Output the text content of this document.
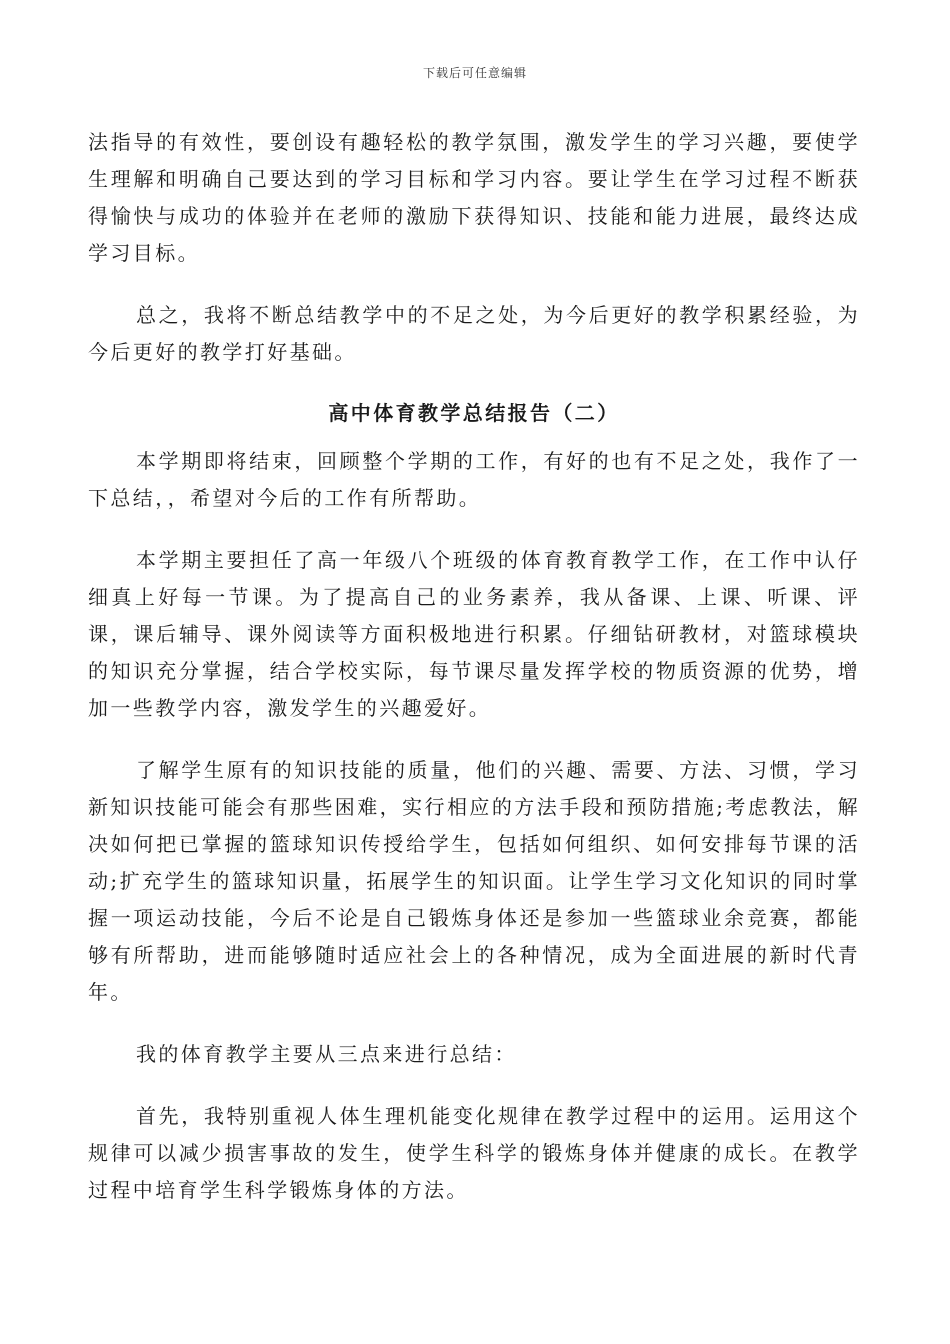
下载后可任意编辑

法指导的有效性，要创设有趣轻松的教学氛围，激发学生的学习兴趣，要使学生理解和明确自己要达到的学习目标和学习内容。要让学生在学习过程不断获得愉快与成功的体验并在老师的激励下获得知识、技能和能力进展，最终达成学习目标。

总之，我将不断总结教学中的不足之处，为今后更好的教学积累经验，为今后更好的教学打好基础。

高中体育教学总结报告（二）

本学期即将结束，回顾整个学期的工作，有好的也有不足之处，我作了一下总结，，希望对今后的工作有所帮助。

本学期主要担任了高一年级八个班级的体育教育教学工作，在工作中认仔细真上好每一节课。为了提高自己的业务素养，我从备课、上课、听课、评课，课后辅导、课外阅读等方面积极地进行积累。仔细钻研教材，对篮球模块的知识充分掌握，结合学校实际，每节课尽量发挥学校的物质资源的优势，增加一些教学内容，激发学生的兴趣爱好。

了解学生原有的知识技能的质量，他们的兴趣、需要、方法、习惯，学习新知识技能可能会有那些困难，实行相应的方法手段和预防措施;考虑教法，解决如何把已掌握的篮球知识传授给学生，包括如何组织、如何安排每节课的活动;扩充学生的篮球知识量，拓展学生的知识面。让学生学习文化知识的同时掌握一项运动技能，今后不论是自己锻炼身体还是参加一些篮球业余竞赛，都能够有所帮助，进而能够随时适应社会上的各种情况，成为全面进展的新时代青年。

我的体育教学主要从三点来进行总结：

首先，我特别重视人体生理机能变化规律在教学过程中的运用。运用这个规律可以减少损害事故的发生，使学生科学的锻炼身体并健康的成长。在教学过程中培育学生科学锻炼身体的方法。
